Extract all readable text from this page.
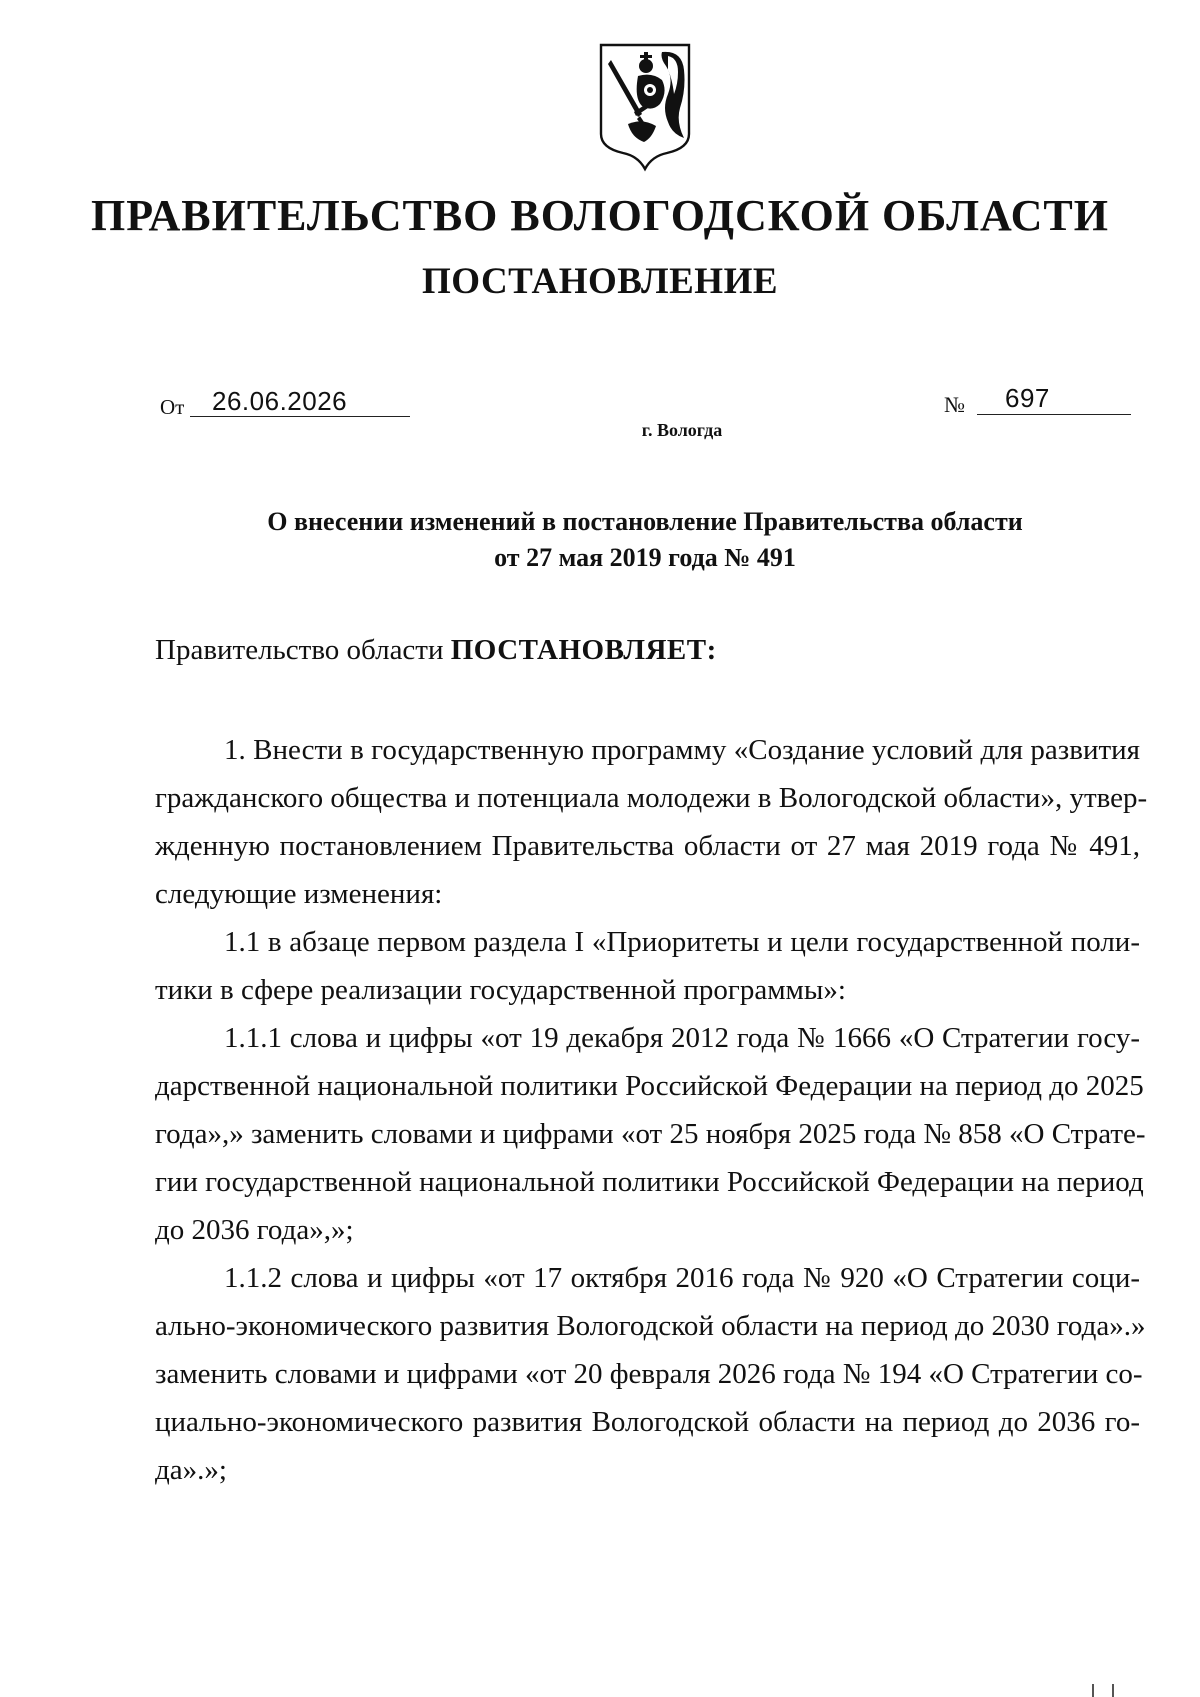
ПРАВИТЕЛЬСТВО ВОЛОГОДСКОЙ ОБЛАСТИ
ПОСТАНОВЛЕНИЕ
От 26.06.2026	№ 697
г. Вологда
О внесении изменений в постановление Правительства области
от 27 мая 2019 года № 491
Правительство области ПОСТАНОВЛЯЕТ:
1. Внести в государственную программу «Создание условий для развития
гражданского общества и потенциала молодежи в Вологодской области», утвер-
жденную постановлением Правительства области от 27 мая 2019 года № 491,
следующие изменения:
1.1 в абзаце первом раздела I «Приоритеты и цели государственной поли-
тики в сфере реализации государственной программы»:
1.1.1 слова и цифры «от 19 декабря 2012 года № 1666 «О Стратегии госу-
дарственной национальной политики Российской Федерации на период до 2025
года»,» заменить словами и цифрами «от 25 ноября 2025 года № 858 «О Страте-
гии государственной национальной политики Российской Федерации на период
до 2036 года»,»;
1.1.2 слова и цифры «от 17 октября 2016 года № 920 «О Стратегии соци-
ально-экономического развития Вологодской области на период до 2030 года».»
заменить словами и цифрами «от 20 февраля 2026 года № 194 «О Стратегии со-
циально-экономического развития Вологодской области на период до 2036 го-
да».»;
